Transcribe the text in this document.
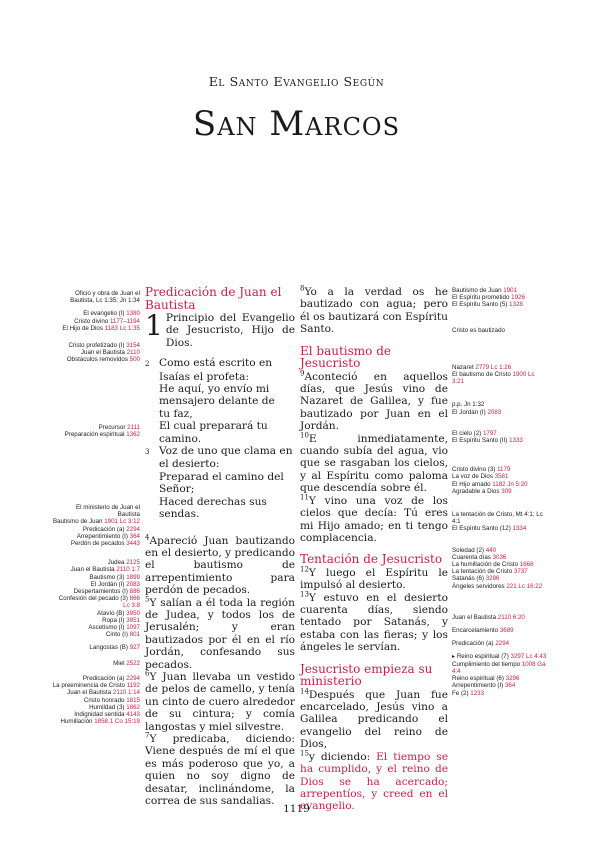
El Santo Evangelio Según
San Marcos
Oficio y obra de Juan el Bautista, Lc 1:35; Jn 1:34
El evangelio (I) 1380
Cristo divino 1177–1194
El Hijo de Dios 1183 Lc 1:35
Cristo profetizado (I) 3154
Juan el Bautista 2110
Obstáculos removidos 500
Precursor 2111
Preparación espiritual 1362
El ministerio de Juan el Bautista
Bautismo de Juan 1901 Lc 3:12
Predicación (a) 2294
Arrepentimiento (I) 364
Perdón de pecados 3443
Judea 2125
Juan el Bautista 2110 1:7
Bautismo (3) 1899
El Jordán (I) 2083
Despertamientos (I) 886
Confesión del pecado (3) 866 Lc 3:8
Atavío (B) 3950
Ropa (I) 3951
Ascetismo (I) 1097
Cinto (I) 801
Langostas (B) 927
Miel 2522
Predicación (a) 2294
La preeminencia de Cristo 1192
Juan el Bautista 2110 1:14
Cristo honrado 1815
Humildad (3) 1862
Indignidad sentida 4143
Humillación 1858.1 Co 15:19
Predicación de Juan el Bautista

1 Principio del Evangelio de Jesucristo, Hijo de Dios.

2 Como está escrito en
Isaías el profeta:
He aquí, yo envío mi
mensajero delante de
tu faz,
El cual preparará tu
camino.
3 Voz de uno que clama en
el desierto:
Preparad el camino del
Señor;
Haced derechas sus
sendas.

$^4$Apareció Juan bautizando en el desierto, y predicando el bautismo de arrepentimiento para perdón de pecados.

$^5$Y salían a él toda la región de Judea, y todos los de Jerusalén; y eran bautizados por él en el río Jordán, confesando sus pecados.

$^6$Y Juan llevaba un vestido de pelos de camello, y tenía un cinto de cuero alrededor de su cintura; y comía langostas y miel silvestre.

$^7$Y predicaba, diciendo: Viene después de mí el que es más poderoso que yo, a quien no soy digno de desatar, inclinándome, la correa de sus sandalias.

$^8$Yo a la verdad os he bautizado con agua; pero él os bautizará con Espíritu Santo.

El bautismo de Jesucristo

$^9$Aconteció en aquellos días, que Jesús vino de Nazaret de Galilea, y fue bautizado por Juan en el Jordán.

$^{10}$E inmediatamente, cuando subía del agua, vio que se rasgaban los cielos, y al Espíritu como paloma que descendía sobre él.

$^{11}$Y vino una voz de los cielos que decía: Tú eres mi Hijo amado; en ti tengo complacencia.

Tentación de Jesucristo

$^{12}$Y luego el Espíritu le impulsó al desierto.

$^{13}$Y estuvo en el desierto cuarenta días, siendo tentado por Satanás, y estaba con las fieras; y los ángeles le servían.

Jesucristo empieza su ministerio

$^{14}$Después que Juan fue encarcelado, Jesús vino a Galilea predicando el evangelio del reino de Dios,

$^{15}$y diciendo: El tiempo se ha cumplido, y el reino de Dios se ha acercado; arrepentíos, y creed en el evangelio.

Bautismo de Juan 1901
El Espíritu prometido 1926
El Espíritu Santo (5) 1328
Cristo es bautizado
Nazaret 2779 Lc 1:26
El bautismo de Cristo 1900 Lc 3:21
p.p. Jn 1:32
El Jordán (I) 2083
El cielo (2) 1797
El Espíritu Santo (II) 1333
Cristo divino (3) 1179
La voz de Dios 3581
El Hijo amado 1182 Jn 5:20
Agradable a Dios 309
La tentación de Cristo, Mt 4:1; Lc 4:1
El Espíritu Santo (12) 1334
Soledad (2) 440
Cuarenta días 3036
La humillación de Cristo 1668
La tentación de Cristo 3737
Satanás (6) 3286
Ángeles servidores 221 Lc 16:22
Juan el Bautista 2110 6:20
Encarcelamiento 3689
Predicación (a) 2294
▸ Reino espiritual (7) 3297 Lc 4:43
Cumplimiento del tiempo 1008 Gá 4:4
Reino espiritual (6) 3296
Arrepentimiento (I) 364
Fe (2) 1233
1119
